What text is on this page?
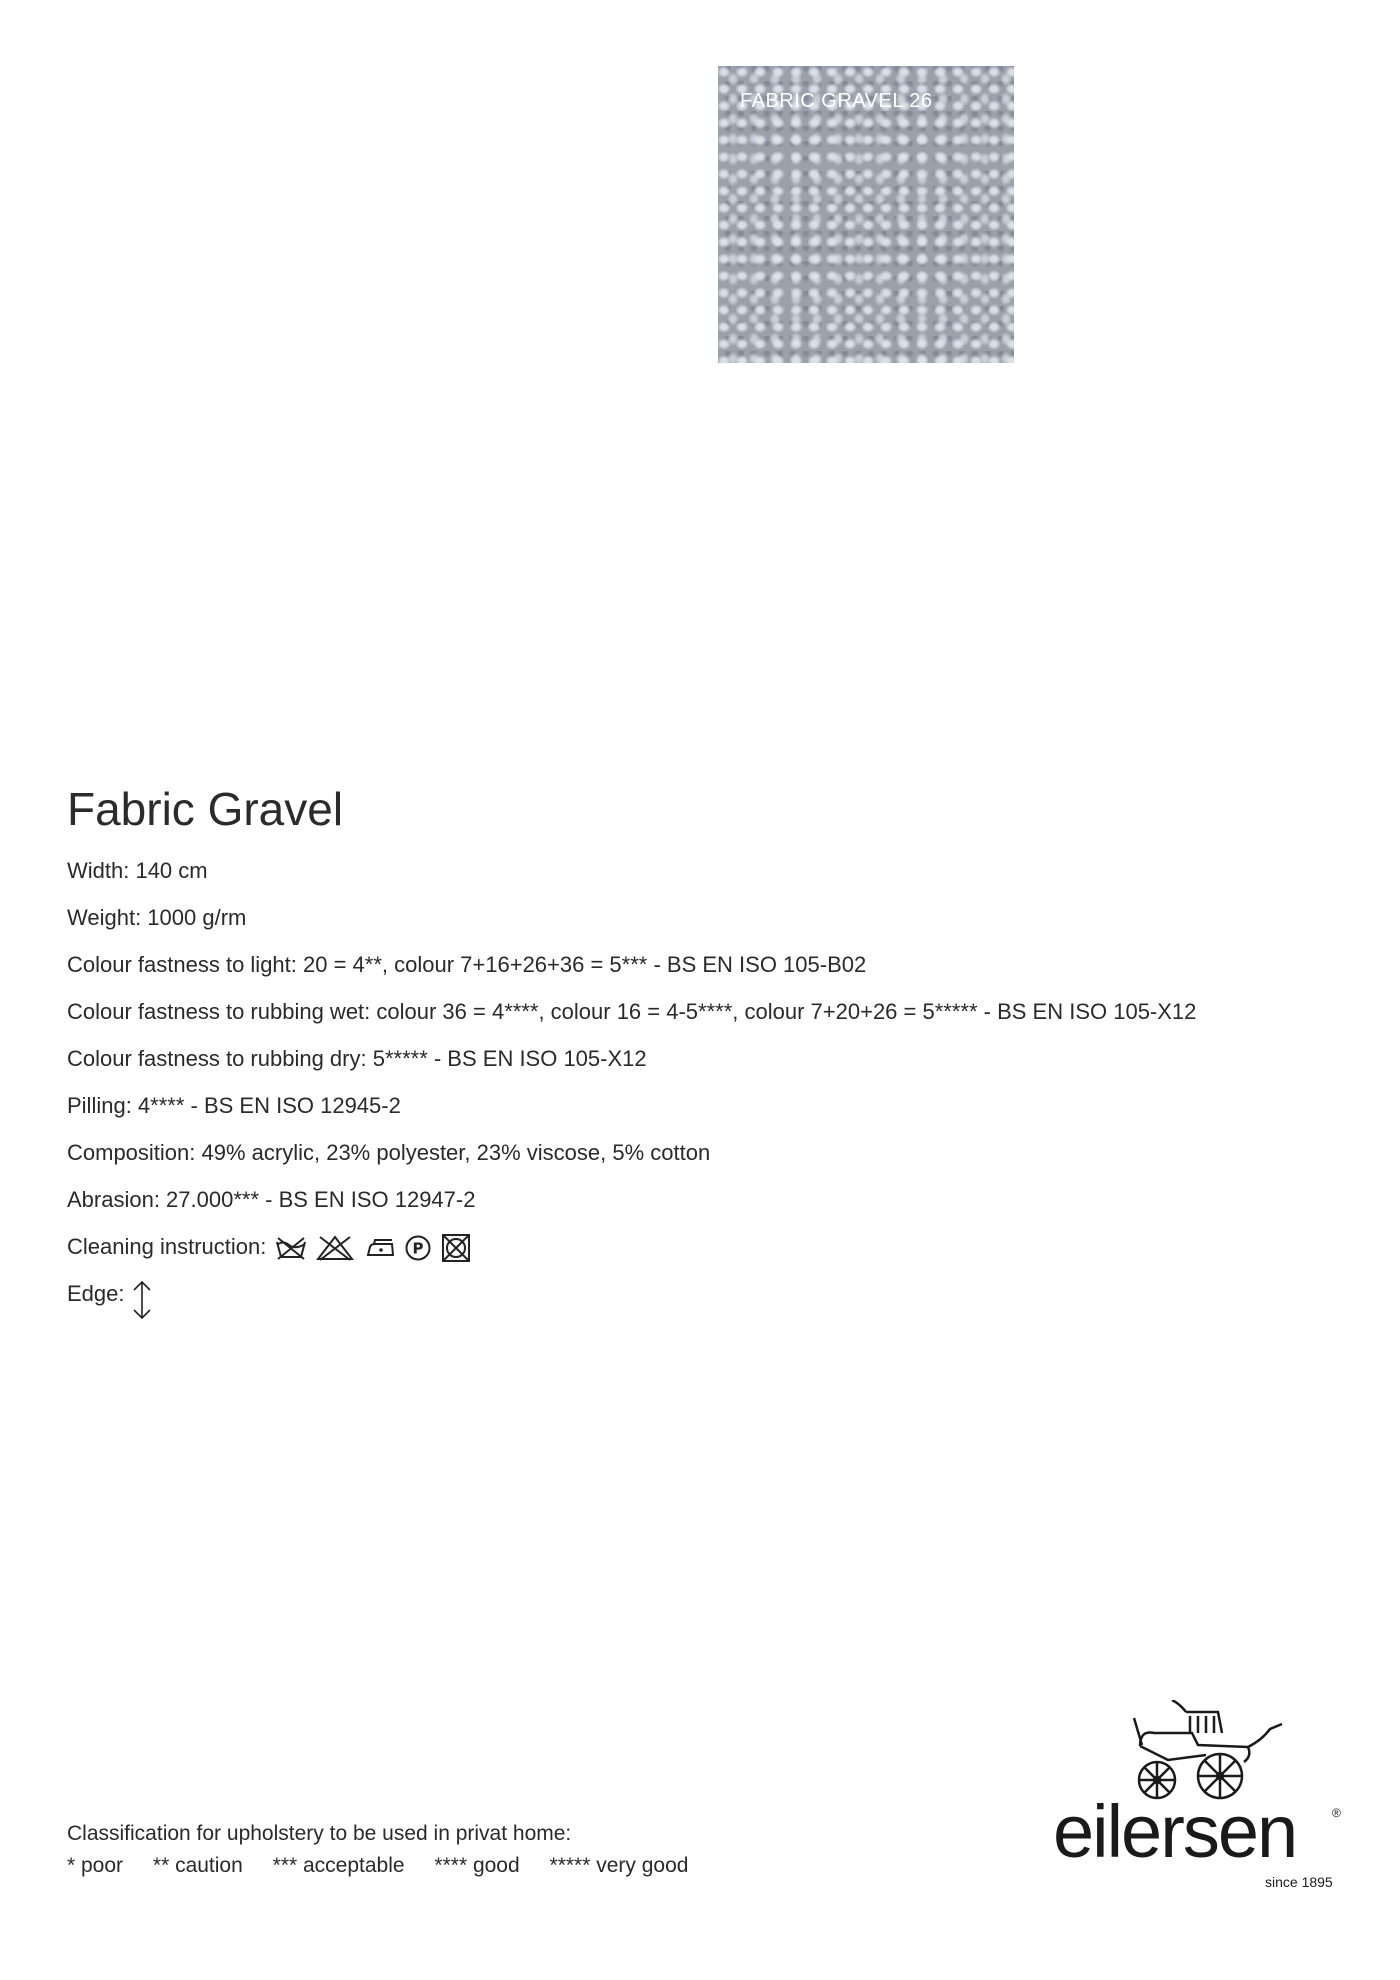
FABRIC GRAVEL 26
Fabric Gravel
Width: 140 cm
Weight: 1000 g/rm
Colour fastness to light: 20 = 4**, colour 7+16+26+36 = 5*** - BS EN ISO 105-B02
Colour fastness to rubbing wet: colour 36 = 4****, colour 16 = 4-5****, colour 7+20+26 = 5***** - BS EN ISO 105-X12
Colour fastness to rubbing dry: 5***** - BS EN ISO 105-X12
Pilling: 4**** - BS EN ISO 12945-2
Composition: 49% acrylic, 23% polyester, 23% viscose, 5% cotton
Abrasion: 27.000*** - BS EN ISO 12947-2
Cleaning instruction:	P
Edge:
Classification for upholstery to be used in privat home:
* poor ** caution *** acceptable **** good ***** very good	eilersen	®
since 1895
